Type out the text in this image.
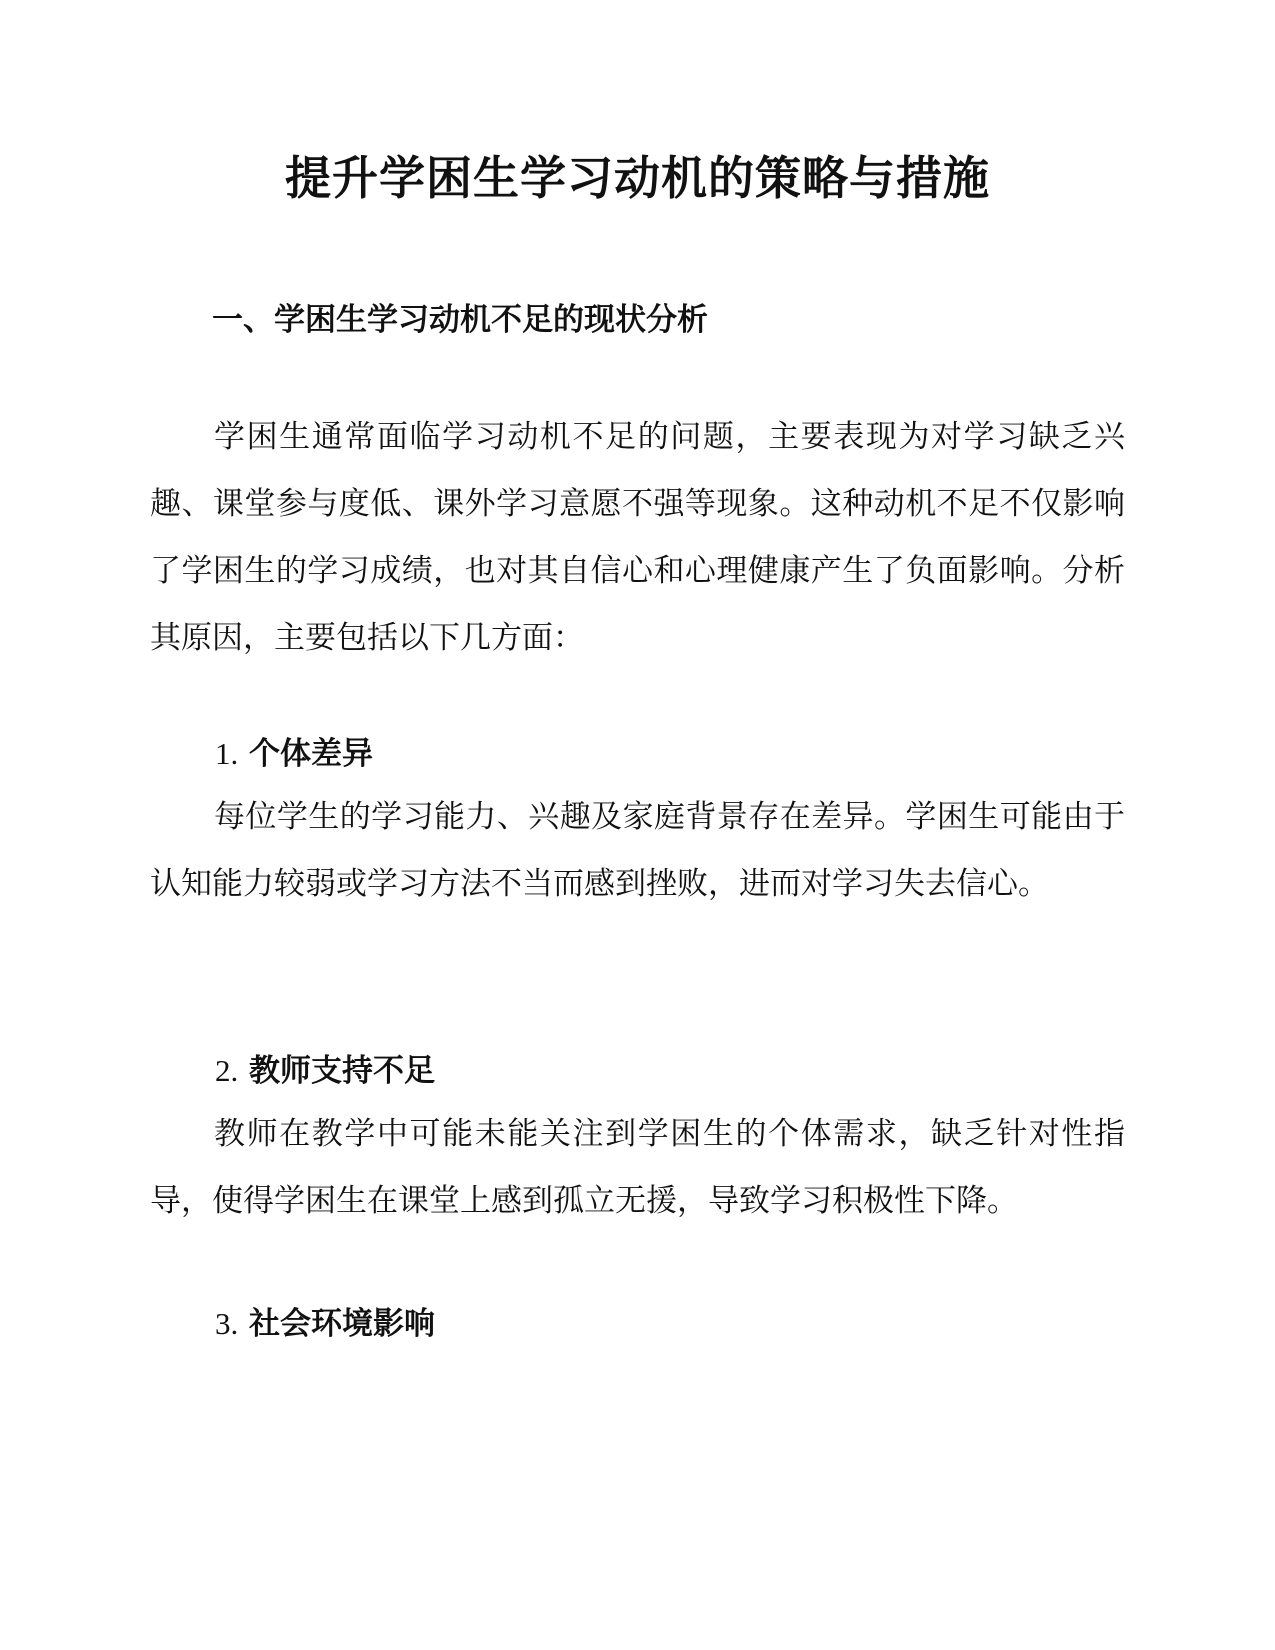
提升学困生学习动机的策略与措施
一、学困生学习动机不足的现状分析

学困生通常面临学习动机不足的问题，主要表现为对学习缺乏兴趣、课堂参与度低、课外学习意愿不强等现象。这种动机不足不仅影响了学困生的学习成绩，也对其自信心和心理健康产生了负面影响。分析其原因，主要包括以下几方面：

1. 个体差异

每位学生的学习能力、兴趣及家庭背景存在差异。学困生可能由于认知能力较弱或学习方法不当而感到挫败，进而对学习失去信心。

2. 教师支持不足

教师在教学中可能未能关注到学困生的个体需求，缺乏针对性指导，使得学困生在课堂上感到孤立无援，导致学习积极性下降。

3. 社会环境影响
